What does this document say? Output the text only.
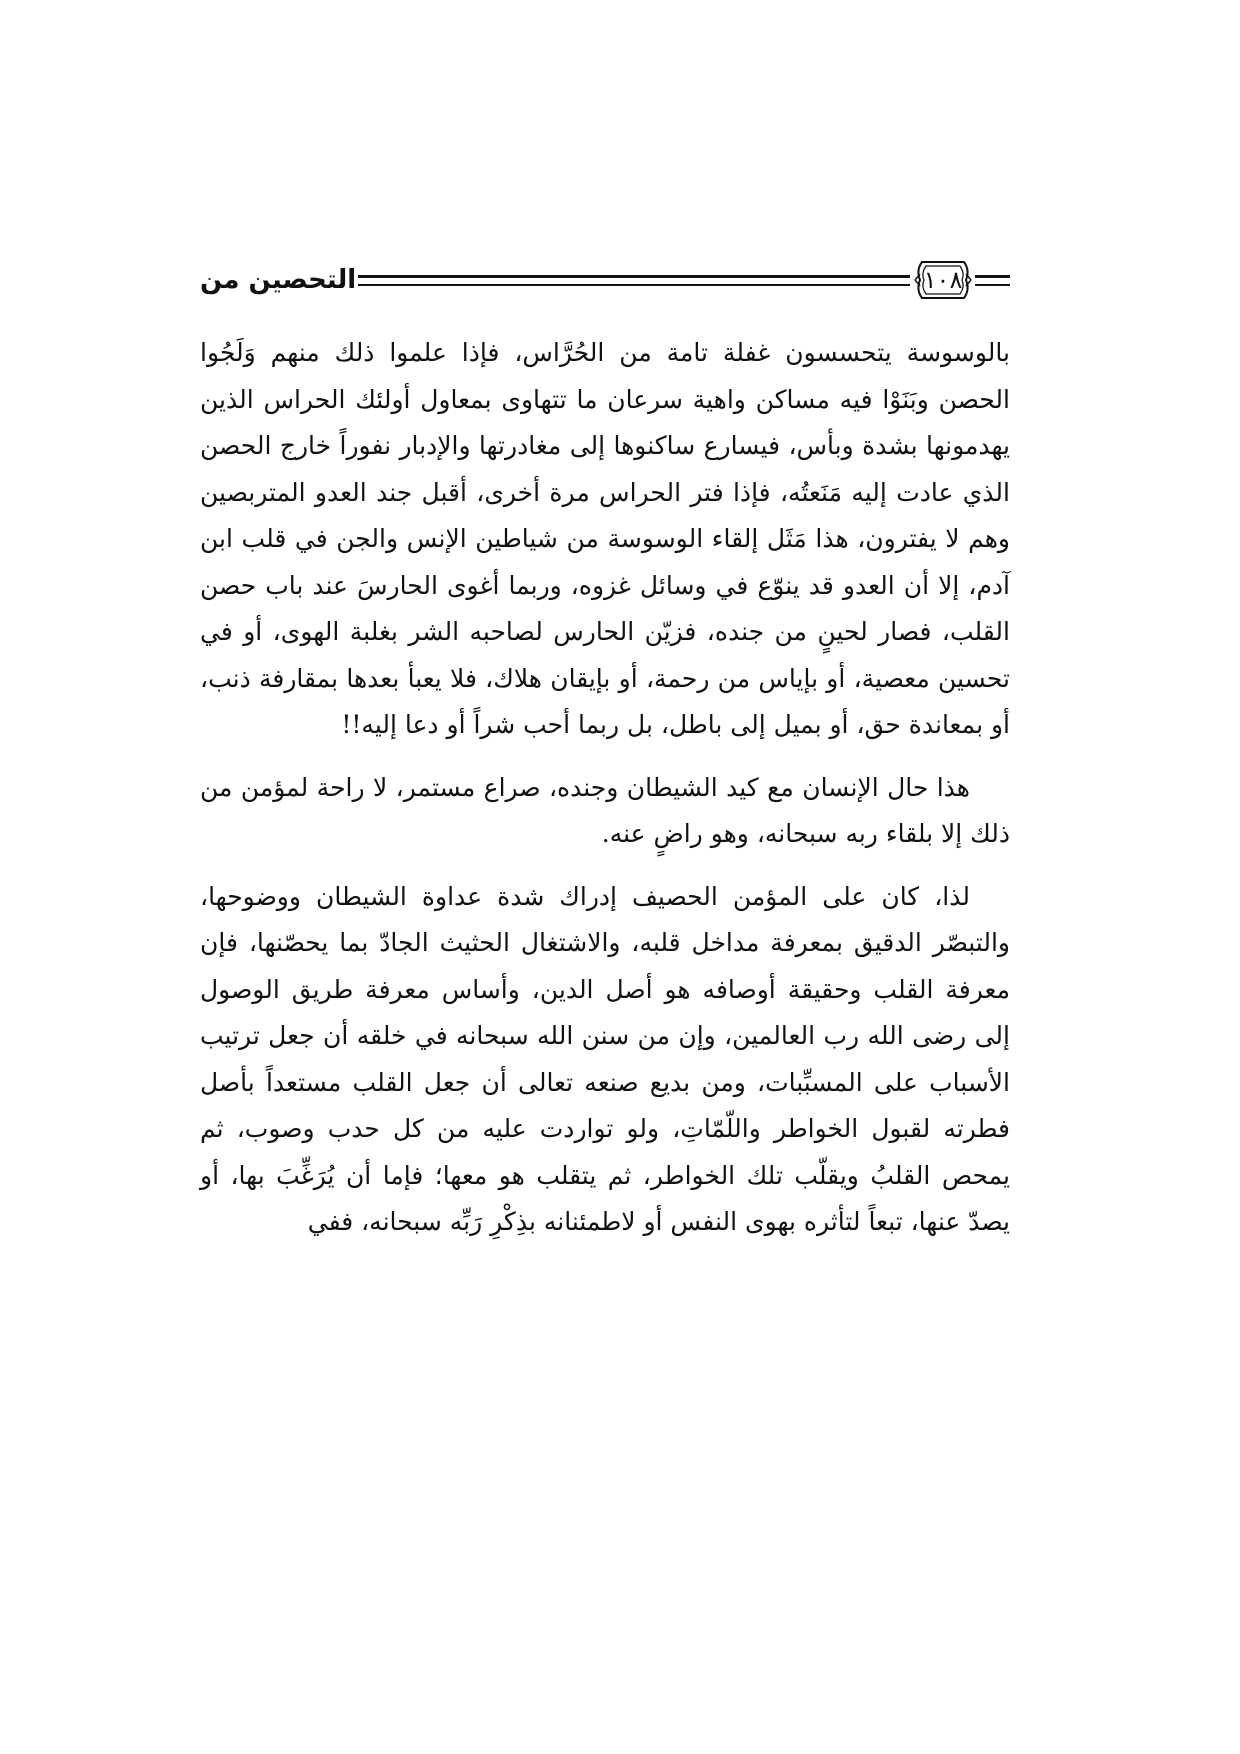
التحصين من	١٠٨

بالوسوسة يتحسسون غفلة تامة من الحُرَّاس، فإذا علموا ذلك منهم وَلَجُوا الحصن وبَنَوْا فيه مساكن واهية سرعان ما تتهاوى بمعاول أولئك الحراس الذين يهدمونها بشدة وبأس، فيسارع ساكنوها إلى مغادرتها والإدبار نفوراً خارج الحصن الذي عادت إليه مَنَعتُه، فإذا فتر الحراس مرة أخرى، أقبل جند العدو المتربصين وهم لا يفترون، هذا مَثَل إلقاء الوسوسة من شياطين الإنس والجن في قلب ابن آدم، إلا أن العدو قد ينوّع في وسائل غزوه، وربما أغوى الحارسَ عند باب حصن القلب، فصار لحينٍ من جنده، فزيّن الحارس لصاحبه الشر بغلبة الهوى، أو في تحسين معصية، أو بإياس من رحمة، أو بإيقان هلاك، فلا يعبأ بعدها بمقارفة ذنب، أو بمعاندة حق، أو بميل إلى باطل، بل ربما أحب شراً أو دعا إليه!!

هذا حال الإنسان مع كيد الشيطان وجنده، صراع مستمر، لا راحة لمؤمن من ذلك إلا بلقاء ربه سبحانه، وهو راضٍ عنه.

لذا، كان على المؤمن الحصيف إدراك شدة عداوة الشيطان ووضوحها، والتبصّر الدقيق بمعرفة مداخل قلبه، والاشتغال الحثيث الجادّ بما يحصّنها، فإن معرفة القلب وحقيقة أوصافه هو أصل الدين، وأساس معرفة طريق الوصول إلى رضى الله رب العالمين، وإن من سنن الله سبحانه في خلقه أن جعل ترتيب الأسباب على المسبِّبات، ومن بديع صنعه تعالى أن جعل القلب مستعداً بأصل فطرته لقبول الخواطر واللّمّاتِ، ولو تواردت عليه من كل حدب وصوب، ثم يمحص القلبُ ويقلّب تلك الخواطر، ثم يتقلب هو معها؛ فإما أن يُرَغِّبَ بها، أو يصدّ عنها، تبعاً لتأثره بهوى النفس أو لاطمئنانه بذِكْرِ رَبِّه سبحانه، ففي
